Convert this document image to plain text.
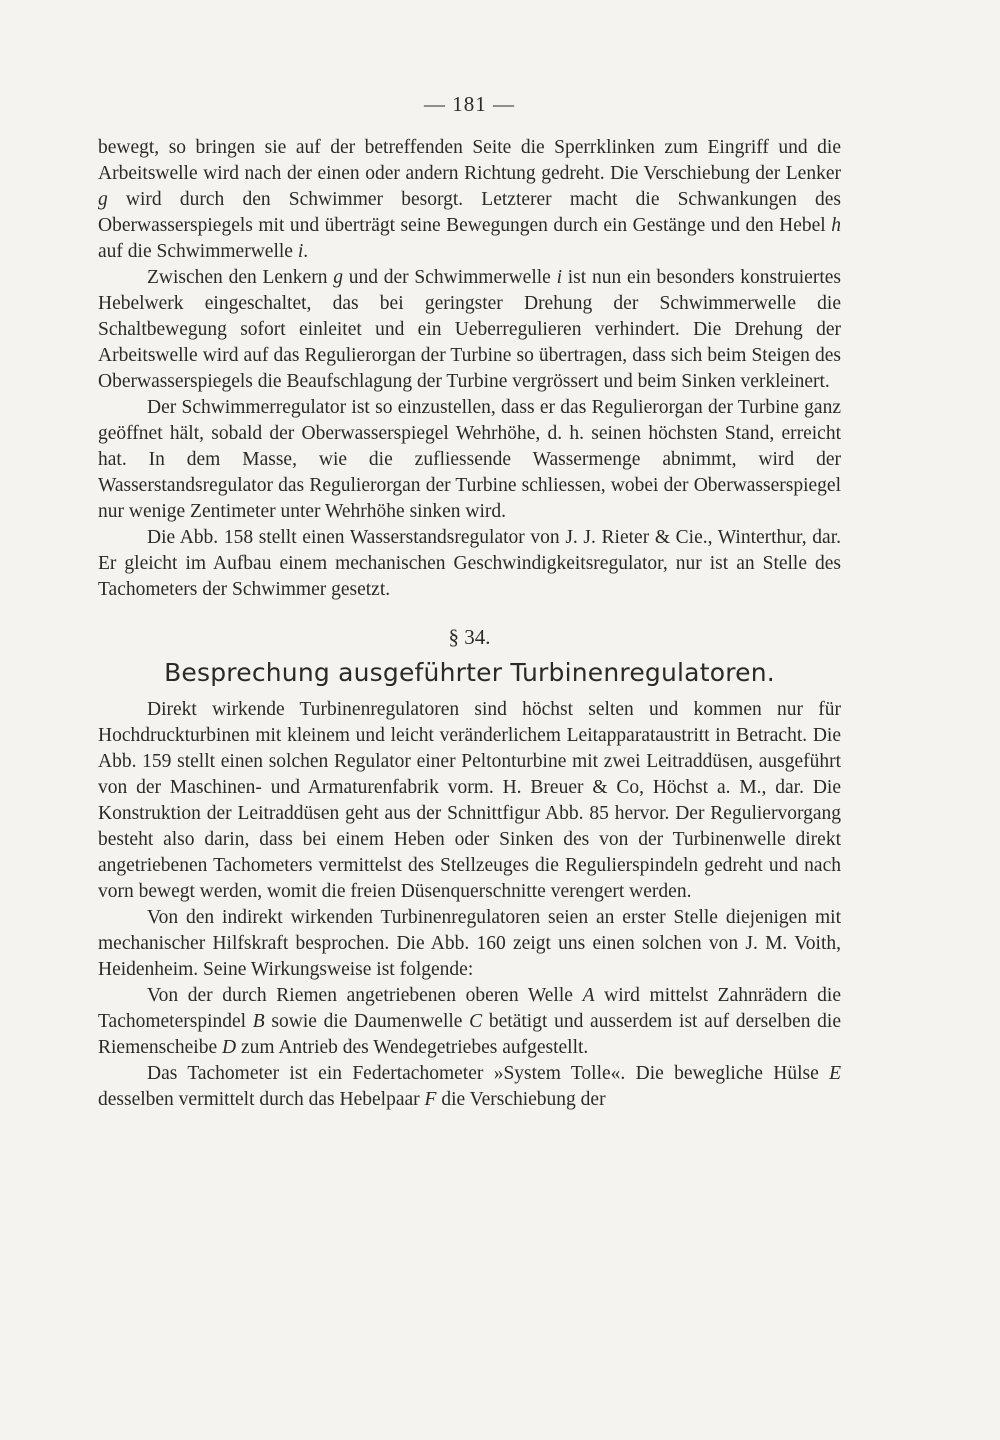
— 181 —

bewegt, so bringen sie auf der betreffenden Seite die Sperrklinken zum Eingriff und die Arbeitswelle wird nach der einen oder andern Richtung gedreht. Die Verschiebung der Lenker g wird durch den Schwimmer besorgt. Letzterer macht die Schwankungen des Oberwasserspiegels mit und überträgt seine Bewegungen durch ein Gestänge und den Hebel h auf die Schwimmerwelle i.

Zwischen den Lenkern g und der Schwimmerwelle i ist nun ein besonders konstruiertes Hebelwerk eingeschaltet, das bei geringster Drehung der Schwimmerwelle die Schaltbewegung sofort einleitet und ein Ueberregulieren verhindert. Die Drehung der Arbeitswelle wird auf das Regulierorgan der Turbine so übertragen, dass sich beim Steigen des Oberwasserspiegels die Beaufschlagung der Turbine vergrössert und beim Sinken verkleinert.

Der Schwimmerregulator ist so einzustellen, dass er das Regulierorgan der Turbine ganz geöffnet hält, sobald der Oberwasserspiegel Wehrhöhe, d. h. seinen höchsten Stand, erreicht hat. In dem Masse, wie die zufliessende Wassermenge abnimmt, wird der Wasserstandsregulator das Regulierorgan der Turbine schliessen, wobei der Oberwasserspiegel nur wenige Zentimeter unter Wehrhöhe sinken wird.

Die Abb. 158 stellt einen Wasserstandsregulator von J. J. Rieter & Cie., Winterthur, dar. Er gleicht im Aufbau einem mechanischen Geschwindigkeitsregulator, nur ist an Stelle des Tachometers der Schwimmer gesetzt.

§ 34.
Besprechung ausgeführter Turbinenregulatoren.

Direkt wirkende Turbinenregulatoren sind höchst selten und kommen nur für Hochdruckturbinen mit kleinem und leicht veränderlichem Leitapparataustritt in Betracht. Die Abb. 159 stellt einen solchen Regulator einer Peltonturbine mit zwei Leitraddüsen, ausgeführt von der Maschinen- und Armaturenfabrik vorm. H. Breuer & Co, Höchst a. M., dar. Die Konstruktion der Leitraddüsen geht aus der Schnittfigur Abb. 85 hervor. Der Reguliervorgang besteht also darin, dass bei einem Heben oder Sinken des von der Turbinenwelle direkt angetriebenen Tachometers vermittelst des Stellzeuges die Regulierspindeln gedreht und nach vorn bewegt werden, womit die freien Düsenquerschnitte verengert werden.

Von den indirekt wirkenden Turbinenregulatoren seien an erster Stelle diejenigen mit mechanischer Hilfskraft besprochen. Die Abb. 160 zeigt uns einen solchen von J. M. Voith, Heidenheim. Seine Wirkungsweise ist folgende:

Von der durch Riemen angetriebenen oberen Welle A wird mittelst Zahnrädern die Tachometerspindel B sowie die Daumenwelle C betätigt und ausserdem ist auf derselben die Riemenscheibe D zum Antrieb des Wendegetriebes aufgestellt.

Das Tachometer ist ein Federtachometer »System Tolle«. Die bewegliche Hülse E desselben vermittelt durch das Hebelpaar F die Verschiebung der
